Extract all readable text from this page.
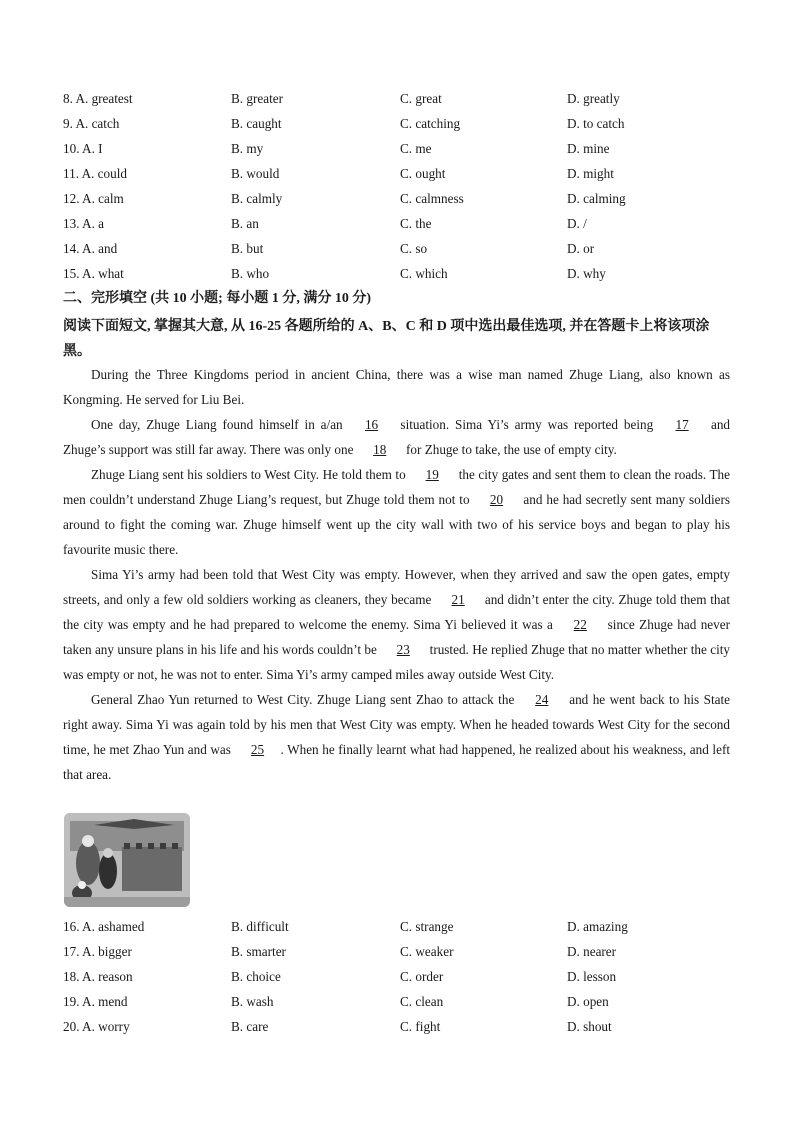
8. A. greatest	B. greater	C. great	D. greatly
9. A. catch	B. caught	C. catching	D. to catch
10. A. I	B. my	C. me	D. mine
11. A. could	B. would	C. ought	D. might
12. A. calm	B. calmly	C. calmness	D. calming
13. A. a	B. an	C. the	D. /
14. A. and	B. but	C. so	D. or
15. A. what	B. who	C. which	D. why
二、完形填空 (共 10 小题; 每小题 1 分, 满分 10 分)
阅读下面短文, 掌握其大意, 从 16-25 各题所给的 A、B、C 和 D 项中选出最佳选项, 并在答题卡上将该项涂黑。

During the Three Kingdoms period in ancient China, there was a wise man named Zhuge Liang, also known as Kongming. He served for Liu Bei.

One day, Zhuge Liang found himself in a/an 16 situation. Sima Yi’s army was reported being 17 and Zhuge’s support was still far away. There was only one 18 for Zhuge to take, the use of empty city.

Zhuge Liang sent his soldiers to West City. He told them to 19 the city gates and sent them to clean the roads. The men couldn’t understand Zhuge Liang’s request, but Zhuge told them not to 20 and he had secretly sent many soldiers around to fight the coming war. Zhuge himself went up the city wall with two of his service boys and began to play his favourite music there.

Sima Yi’s army had been told that West City was empty. However, when they arrived and saw the open gates, empty streets, and only a few old soldiers working as cleaners, they became 21 and didn’t enter the city. Zhuge told them that the city was empty and he had prepared to welcome the enemy. Sima Yi believed it was a 22 since Zhuge had never taken any unsure plans in his life and his words couldn’t be 23 trusted. He replied Zhuge that no matter whether the city was empty or not, he was not to enter. Sima Yi’s army camped miles away outside West City.

General Zhao Yun returned to West City. Zhuge Liang sent Zhao to attack the 24 and he went back to his State right away. Sima Yi was again told by his men that West City was empty. When he headed towards West City for the second time, he met Zhao Yun and was 25 . When he finally learnt what had happened, he realized about his weakness, and left that area.

16. A. ashamed	B. difficult	C. strange	D. amazing
17. A. bigger	B. smarter	C. weaker	D. nearer
18. A. reason	B. choice	C. order	D. lesson
19. A. mend	B. wash	C. clean	D. open
20. A. worry	B. care	C. fight	D. shout
